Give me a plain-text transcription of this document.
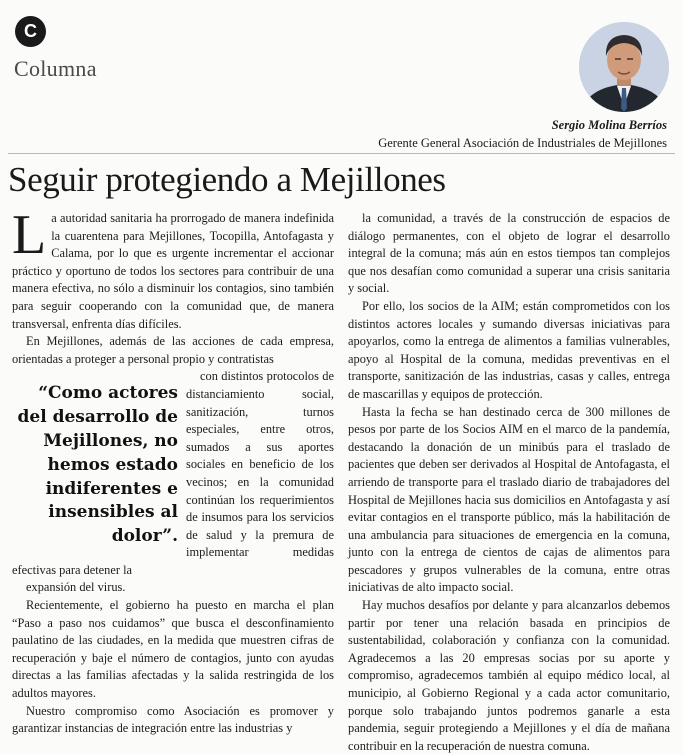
C
Columna
Sergio Molina Berríos
Gerente General Asociación de Industriales de Mejillones
Seguir protegiendo a Mejillones

La autoridad sanitaria ha prorrogado de manera indefinida la cuarentena para Mejillones, Tocopilla, Antofagasta y Calama, por lo que es urgente incrementar el accionar práctico y oportuno de todos los sectores para contribuir de una manera efectiva, no sólo a disminuir los contagios, sino también para seguir cooperando con la comunidad que, de manera transversal, enfrenta días difíciles.

En Mejillones, además de las acciones de cada empresa, orientadas a proteger a personal propio y contratistas

“Como actores del desarrollo de Mejillones, no hemos estado indiferentes e insensibles al dolor”.

con distintos protocolos de distanciamiento social, sanitización, turnos especiales, entre otros, sumados a sus aportes sociales en beneficio de los vecinos; en la comunidad continúan los requerimientos de insumos para los servicios de salud y la premura de implementar medidas efectivas para detener la

expansión del virus.

Recientemente, el gobierno ha puesto en marcha el plan “Paso a paso nos cuidamos” que busca el desconfinamiento paulatino de las ciudades, en la medida que muestren cifras de recuperación y baje el número de contagios, junto con ayudas directas a las familias afectadas y la salida restringida de los adultos mayores.

Nuestro compromiso como Asociación es promover y garantizar instancias de integración entre las industrias y

la comunidad, a través de la construcción de espacios de diálogo permanentes, con el objeto de lograr el desarrollo integral de la comuna; más aún en estos tiempos tan complejos que nos desafían como comunidad a superar una crisis sanitaria y social.

Por ello, los socios de la AIM; están comprometidos con los distintos actores locales y sumando diversas iniciativas para apoyarlos, como la entrega de alimentos a familias vulnerables, apoyo al Hospital de la comuna, medidas preventivas en el transporte, sanitización de las industrias, casas y calles, entrega de mascarillas y equipos de protección.

Hasta la fecha se han destinado cerca de 300 millones de pesos por parte de los Socios AIM en el marco de la pandemía, destacando la donación de un minibús para el traslado de pacientes que deben ser derivados al Hospital de Antofagasta, el arriendo de transporte para el traslado diario de trabajadores del Hospital de Mejillones hacia sus domicilios en Antofagasta y así evitar contagios en el transporte público, más la habilitación de una ambulancia para situaciones de emergencia en la comuna, junto con la entrega de cientos de cajas de alimentos para pescadores y grupos vulnerables de la comuna, entre otras iniciativas de alto impacto social.

Hay muchos desafíos por delante y para alcanzarlos debemos partir por tener una relación basada en principios de sustentabilidad, colaboración y confianza con la comunidad. Agradecemos a las 20 empresas socias por su aporte y compromiso, agradecemos también al equipo médico local, al municipio, al Gobierno Regional y a cada actor comunitario, porque solo trabajando juntos podremos ganarle a esta pandemia, seguir protegiendo a Mejillones y el día de mañana contribuir en la recuperación de nuestra comuna.
